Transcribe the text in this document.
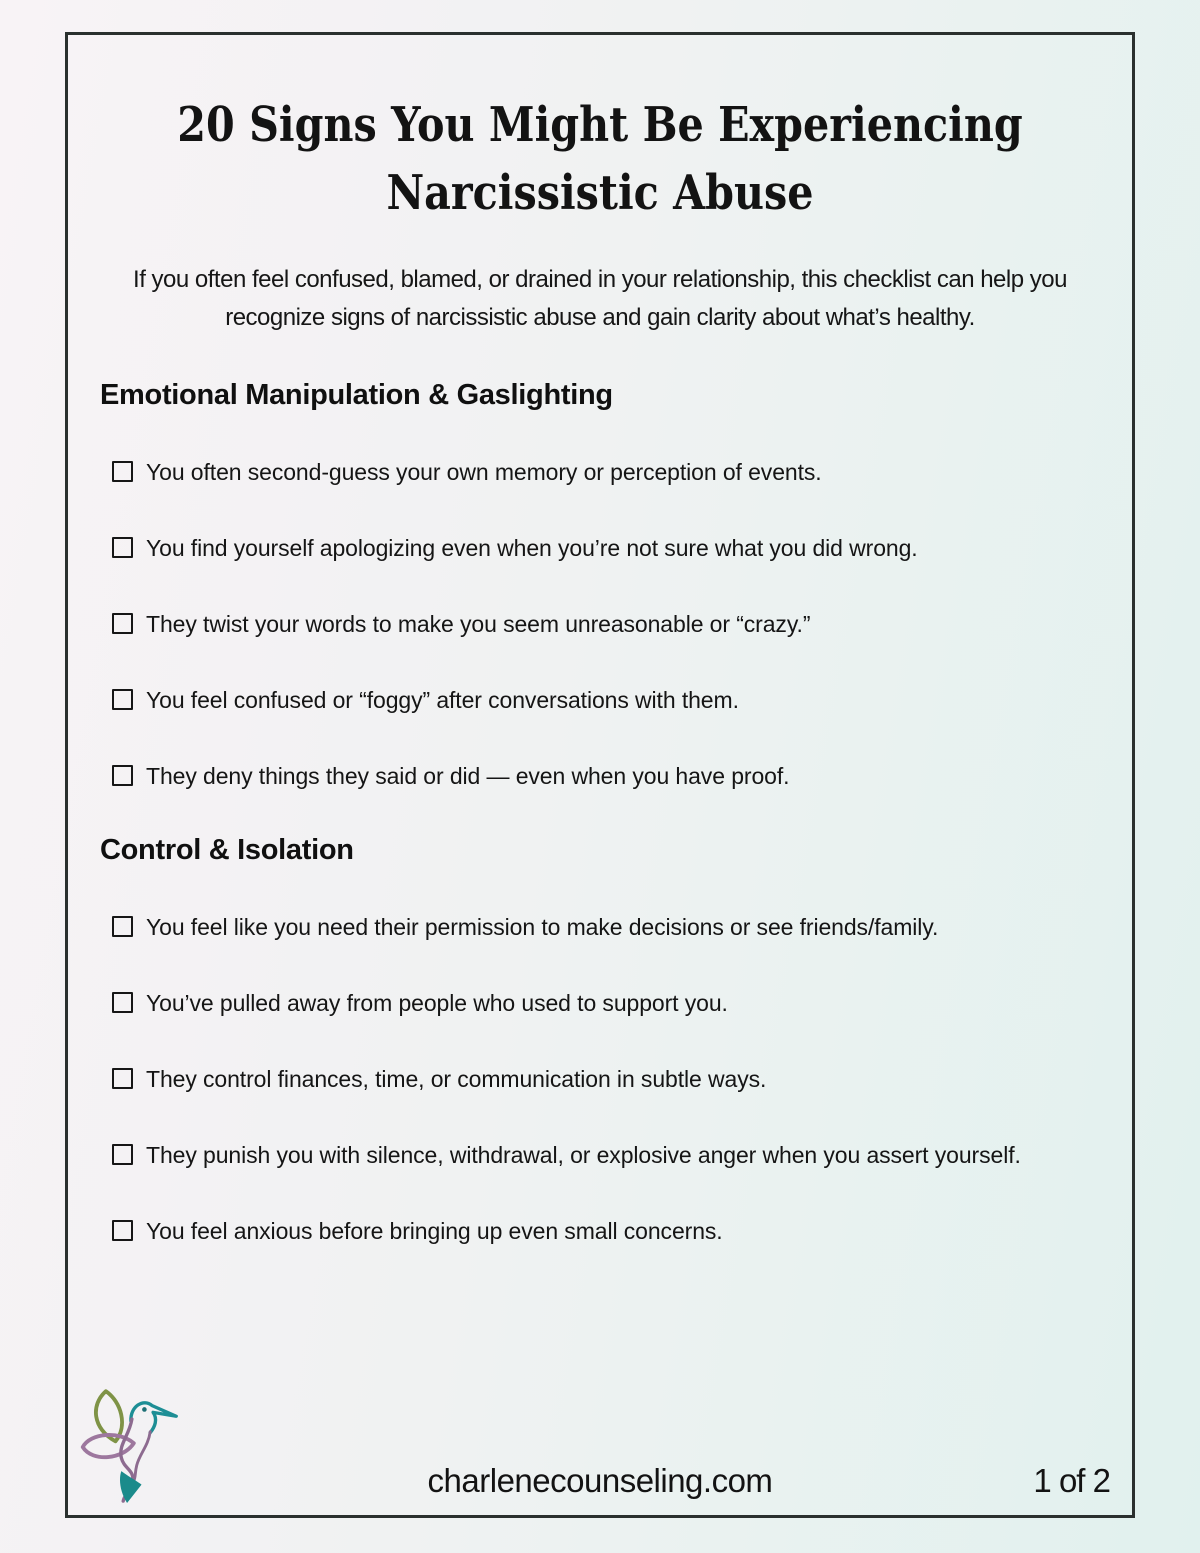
20 Signs You Might Be Experiencing
Narcissistic Abuse

If you often feel confused, blamed, or drained in your relationship, this checklist can help you recognize signs of narcissistic abuse and gain clarity about what’s healthy.

Emotional Manipulation & Gaslighting
You often second-guess your own memory or perception of events.
You find yourself apologizing even when you’re not sure what you did wrong.
They twist your words to make you seem unreasonable or “crazy.”
You feel confused or “foggy” after conversations with them.
They deny things they said or did — even when you have proof.
Control & Isolation
You feel like you need their permission to make decisions or see friends/family.
You’ve pulled away from people who used to support you.
They control finances, time, or communication in subtle ways.
They punish you with silence, withdrawal, or explosive anger when you assert yourself.
You feel anxious before bringing up even small concerns.
charlenecounseling.com	1 of 2
